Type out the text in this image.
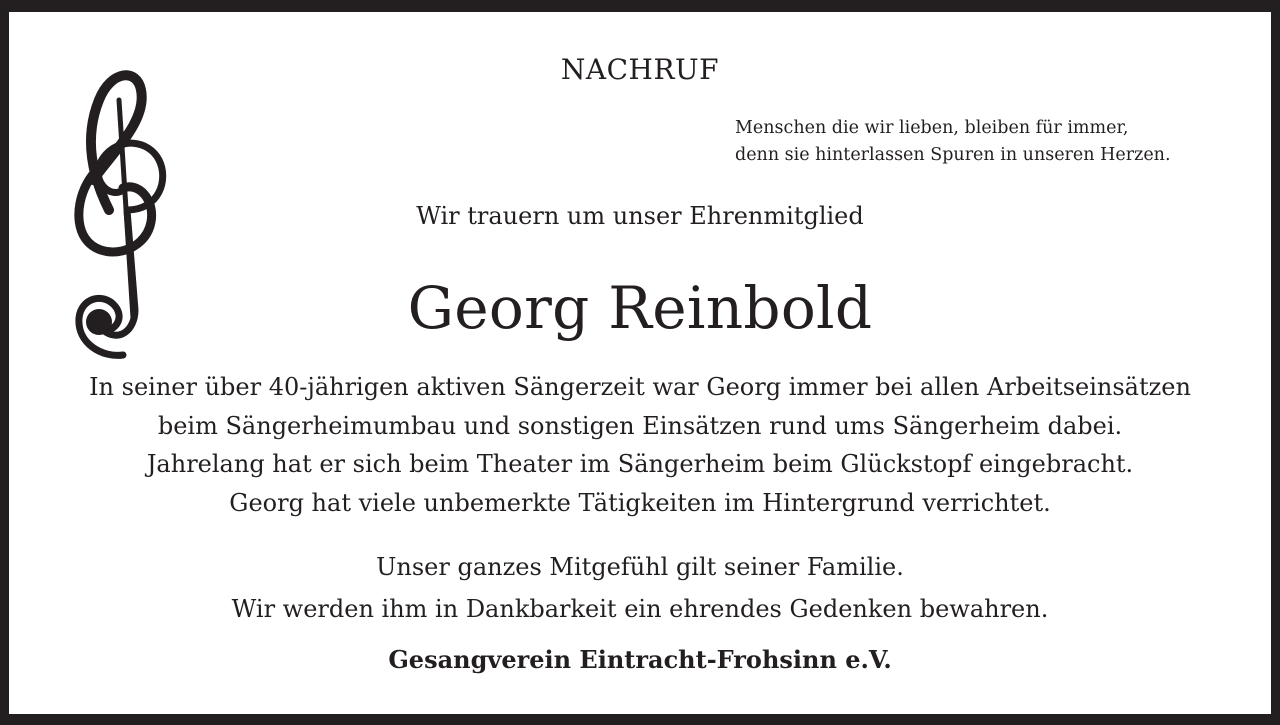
NACHRUF
Menschen die wir lieben, bleiben für immer,
denn sie hinterlassen Spuren in unseren Herzen.
Wir trauern um unser Ehrenmitglied
Georg Reinbold
In seiner über 40-jährigen aktiven Sängerzeit war Georg immer bei allen Arbeitseinsätzen
beim Sängerheimumbau und sonstigen Einsätzen rund ums Sängerheim dabei.
Jahrelang hat er sich beim Theater im Sängerheim beim Glückstopf eingebracht.
Georg hat viele unbemerkte Tätigkeiten im Hintergrund verrichtet.
Unser ganzes Mitgefühl gilt seiner Familie.
Wir werden ihm in Dankbarkeit ein ehrendes Gedenken bewahren.
Gesangverein Eintracht-Frohsinn e.V.
